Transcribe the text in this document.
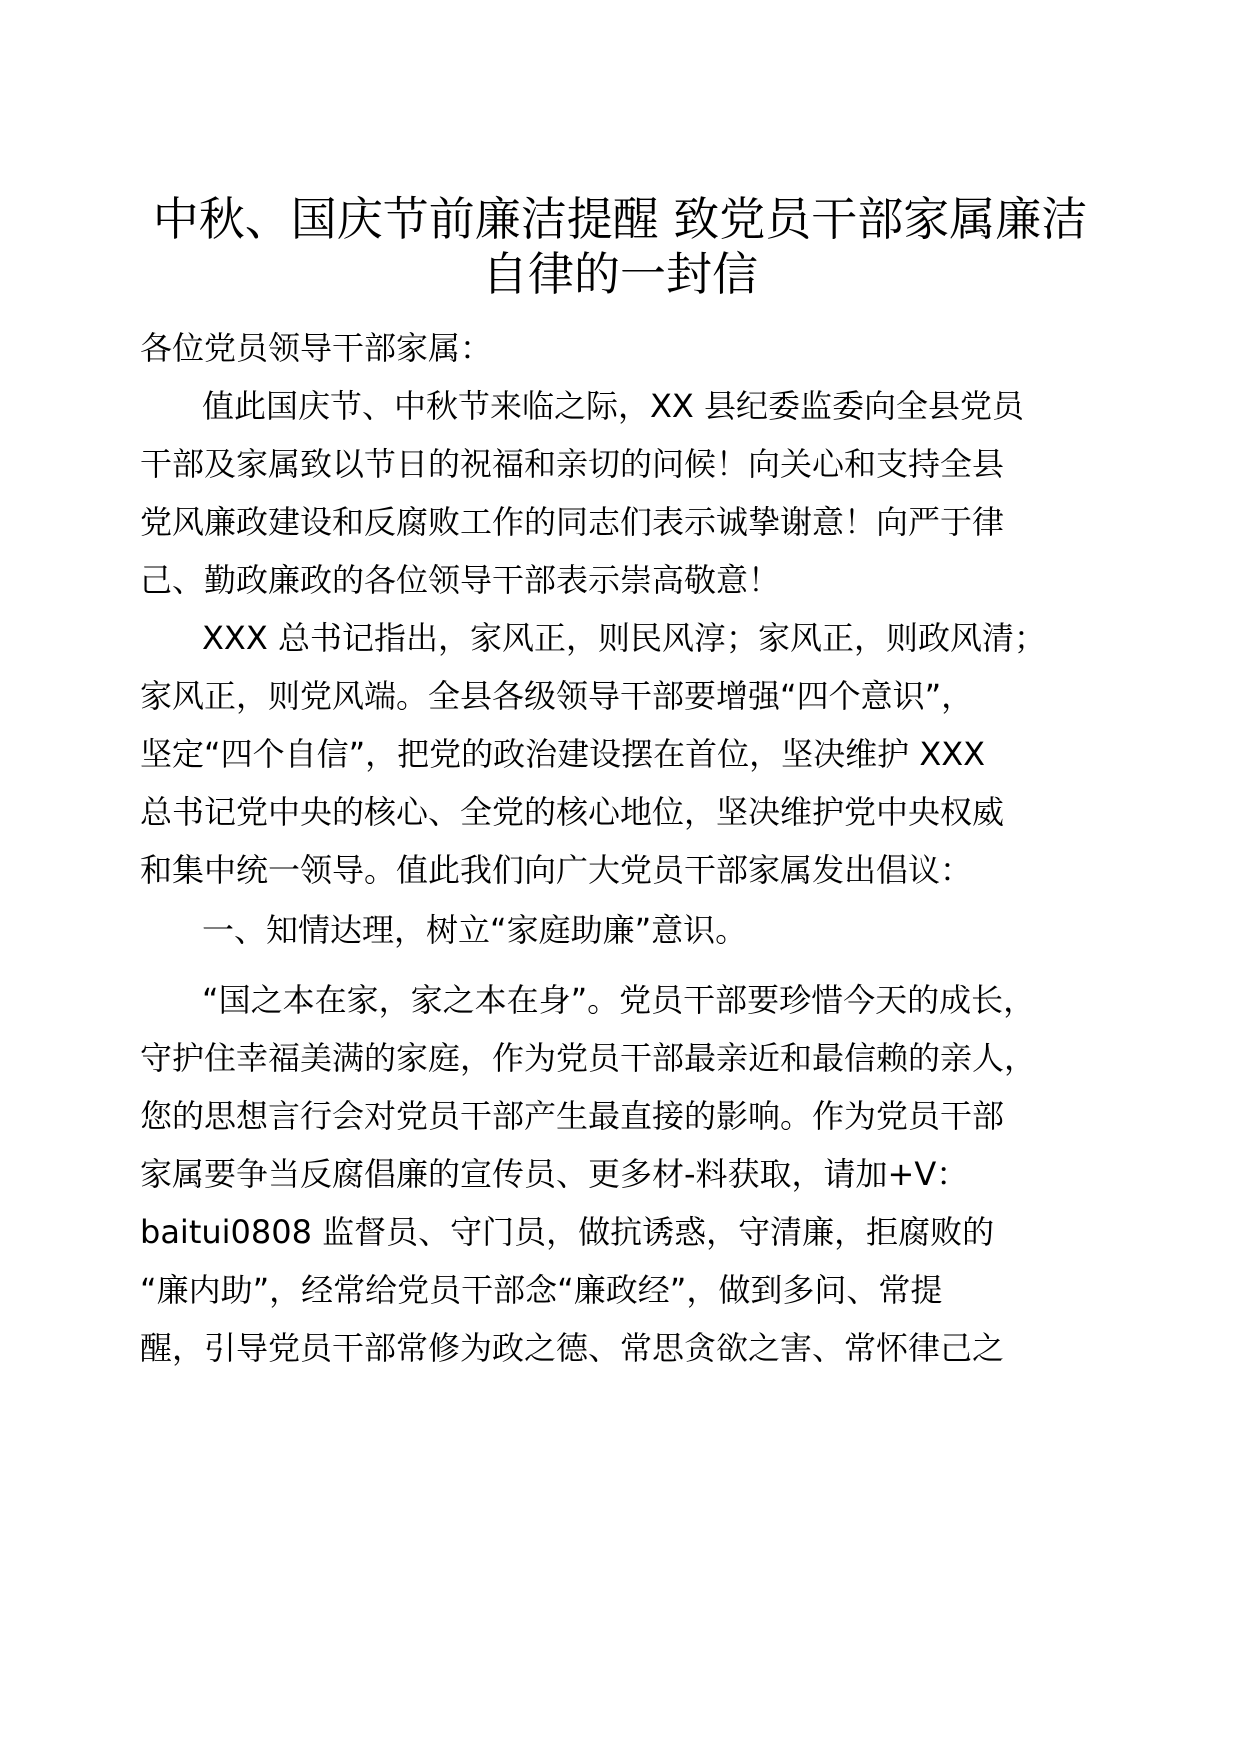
中秋、国庆节前廉洁提醒 致党员干部家属廉洁
自律的一封信
各位党员领导干部家属：
值此国庆节、中秋节来临之际，XX 县纪委监委向全县党员
干部及家属致以节日的祝福和亲切的问候！向关心和支持全县
党风廉政建设和反腐败工作的同志们表示诚挚谢意！向严于律
己、勤政廉政的各位领导干部表示崇高敬意！
XXX 总书记指出，家风正，则民风淳；家风正，则政风清；
家风正，则党风端。全县各级领导干部要增强“四个意识”，
坚定“四个自信”，把党的政治建设摆在首位，坚决维护 XXX
总书记党中央的核心、全党的核心地位，坚决维护党中央权威
和集中统一领导。值此我们向广大党员干部家属发出倡议：
一、知情达理，树立“家庭助廉”意识。
“国之本在家，家之本在身”。党员干部要珍惜今天的成长，
守护住幸福美满的家庭，作为党员干部最亲近和最信赖的亲人，
您的思想言行会对党员干部产生最直接的影响。作为党员干部
家属要争当反腐倡廉的宣传员、更多材-料获取，请加+V：
baitui0808 监督员、守门员，做抗诱惑，守清廉，拒腐败的
“廉内助”，经常给党员干部念“廉政经”，做到多问、常提
醒，引导党员干部常修为政之德、常思贪欲之害、常怀律己之
